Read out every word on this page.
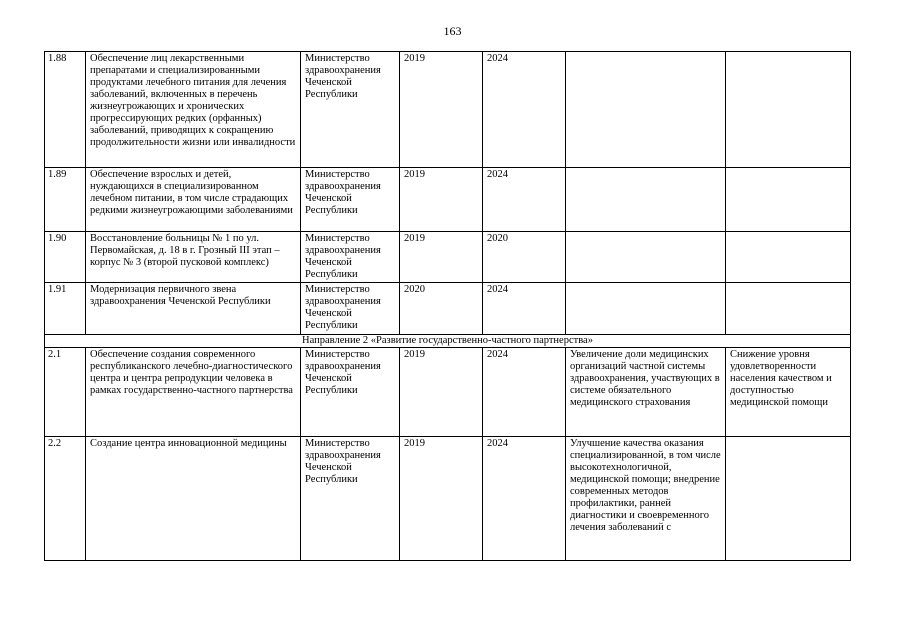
163
1.88	Обеспечение лиц лекарственными препаратами и специализированными продуктами лечебного питания для лечения заболеваний, включенных в перечень жизнеугрожающих и хронических прогрессирующих редких (орфанных) заболеваний, приводящих к сокращению продолжительности жизни или инвалидности	Министерство здравоохранения Чеченской Республики	2019	2024		
1.89	Обеспечение взрослых и детей, нуждающихся в специализированном лечебном питании, в том числе страдающих редкими жизнеугрожающими заболеваниями	Министерство здравоохранения Чеченской Республики	2019	2024		
1.90	Восстановление больницы № 1 по ул. Первомайская, д. 18 в г. Грозный III этап – корпус № 3 (второй пусковой комплекс)	Министерство здравоохранения Чеченской Республики	2019	2020		
1.91	Модернизация первичного звена здравоохранения Чеченской Республики	Министерство здравоохранения Чеченской Республики	2020	2024		
Направление 2 «Развитие государственно-частного партнерства»						
2.1	Обеспечение создания современного республиканского лечебно-диагностического центра и центра репродукции человека в рамках государственно-частного партнерства	Министерство здравоохранения Чеченской Республики	2019	2024	Увеличение доли медицинских организаций частной системы здравоохранения, участвующих в системе обязательного медицинского страхования	Снижение уровня удовлетворенности населения качеством и доступностью медицинской помощи
2.2	Создание центра инновационной медицины	Министерство здравоохранения Чеченской Республики	2019	2024	Улучшение качества оказания специализированной, в том числе высокотехнологичной, медицинской помощи; внедрение современных методов профилактики, ранней диагностики и своевременного лечения заболеваний с	
